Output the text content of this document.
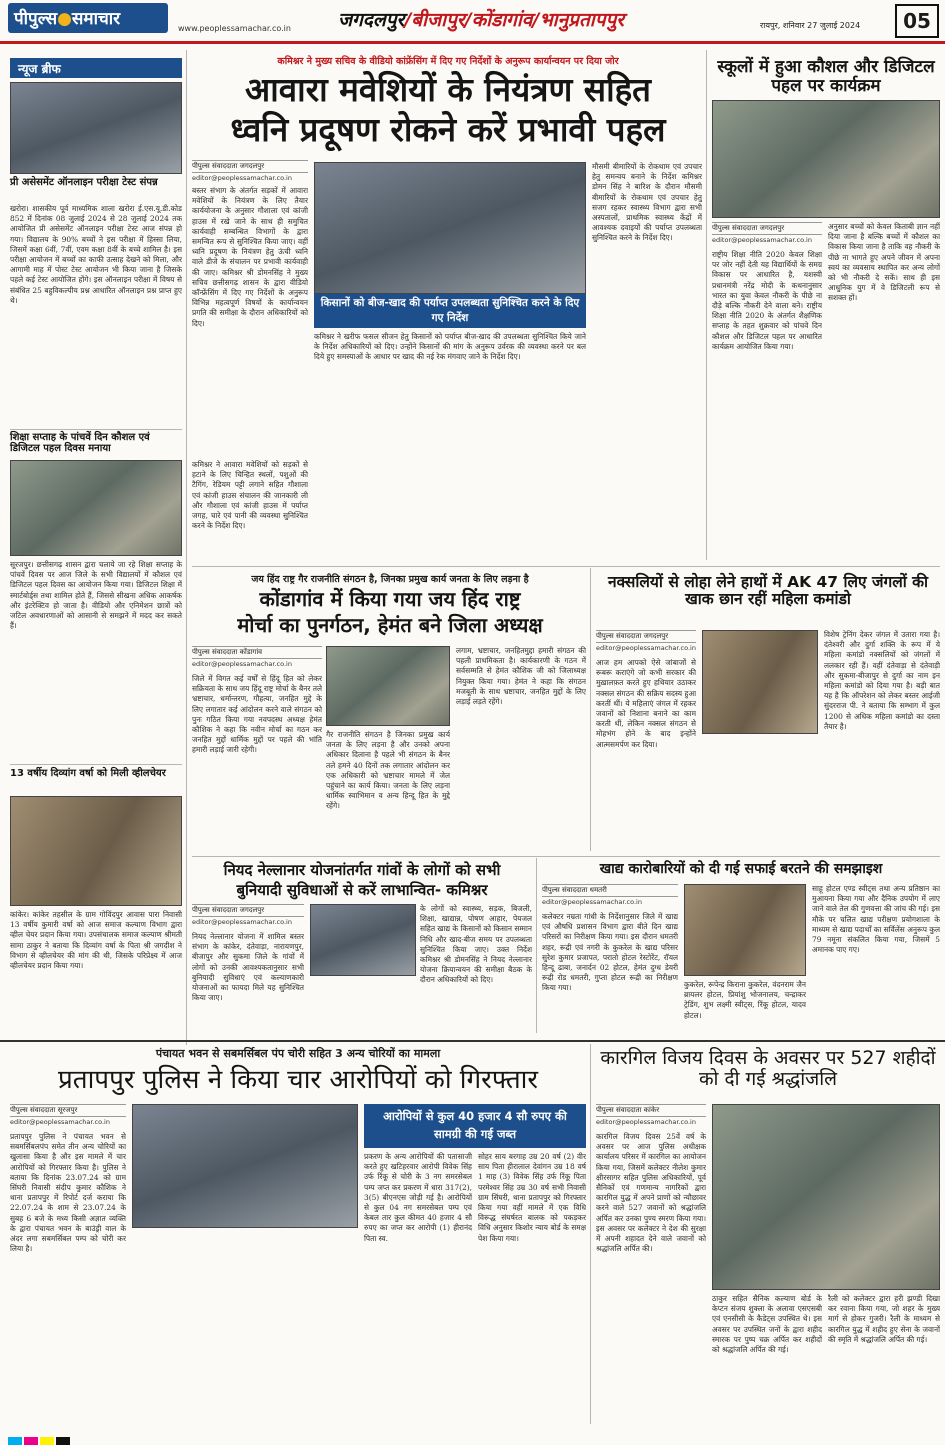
पीपुल्स●समाचार	www.peoplessamachar.co.in जगदलपुर/बीजापुर/कोंडागांव/भानुप्रतापपुर	रायपुर, शनिवार 27 जुलाई 2024	05
न्यूज ब्रीफ
प्री असेसमेंट ऑनलाइन परीक्षा टेस्ट संपन्न
खरोरा। शासकीय पूर्व माध्यमिक शाला खरोरा ई.एस.यू.डी.कोड 852 में दिनांक 08 जुलाई 2024 से 28 जुलाई 2024 तक आयोजित प्री असेसमेंट ऑनलाइन परीक्षा टेस्ट आज संपन्न हो गया। विद्यालय के 90% बच्चों ने इस परीक्षा में हिस्सा लिया, जिसमें कक्षा 6वीं, 7वीं, एवम कक्षा 8वीं के बच्चे शामिल है। इस परीक्षा आयोजन में बच्चों का काफी उत्साह देखने को मिला, और आगामी माह में पोस्ट टेस्ट आयोजन भी किया जाना है जिसके पहले कई टेस्ट आयोजित होंगे। इस ऑनलाइन परीक्षा में विषय से संबंधित 25 बहुविकल्पीय प्रश्न आधारित ऑनलाइन प्रश्न प्राप्त हुए थे।
शिक्षा सप्ताह के पांचवें दिन कौशल एवं डिजिटल पहल दिवस मनाया
सूरजपुर। छत्तीसगढ़ शासन द्वारा चलाये जा रहे शिक्षा सप्ताह के पांचवें दिवस पर आज जिले के सभी विद्यालयों में कौशल एवं डिजिटल पहल दिवस का आयोजन किया गया। डिजिटल शिक्षा में स्मार्टबोर्ड्स तथा शामिल होते हैं, जिससे सीखना अधिक आकर्षक और इंटरेक्टिव हो जाता है। वीडियो और एनिमेशन छात्रों को जटिल अवधारणाओं को आसानी से समझने में मदद कर सकते हैं।
13 वर्षीय दिव्यांग वर्षा को मिली व्हीलचेयर
कांकेर। कांकेर तहसील के ग्राम गोविंदपुर आवास पारा निवासी 13 वर्षीय कुमारी वर्षा को आज समाज कल्याण विभाग द्वारा व्हील चेयर प्रदान किया गया। उपसंचालक समाज कल्याण श्रीमती सामा ठाकुर ने बताया कि दिव्यांग वर्षा के पिता श्री जगदीश ने विभाग से व्हीलचेयर की मांग की थी, जिसके परिप्रेक्ष्य में आज व्हीलचेयर प्रदान किया गया।
कमिश्नर ने मुख्य सचिव के वीडियो कांफ्रेंसिंग में दिए गए निर्देशों के अनुरूप कार्यान्वयन पर दिया जोर
आवारा मवेशियों के नियंत्रण सहित
ध्वनि प्रदूषण रोकने करें प्रभावी पहल
पीपुल्स संवाददाता जगदलपुर
editor@peoplessamachar.co.in
बस्तर संभाग के अंतर्गत सड़कों में आवारा मवेशियों के नियंत्रण के लिए तैयार कार्ययोजना के अनुसार गौशाला एवं कांजी हाउस में रखे जाने के साथ ही समुचित कार्यवाही सम्बन्धित विभागों के द्वारा समन्वित रूप से सुनिश्चित किया जाए। वहीं ध्वनि प्रदूषण के नियंत्रण हेतु ऊंची ध्वनि वाले डीजे के संचालन पर प्रभावी कार्यवाही की जाए। कमिश्नर श्री डोमनसिंह ने मुख्य सचिव छत्तीसगढ़ शासन के द्वारा वीडियो कॉन्फ्रेंसिंग में दिए गए निर्देशों के अनुरूप विभिन्न महत्वपूर्ण विषयों के कार्यान्वयन प्रगति की समीक्षा के दौरान अधिकारियों को दिए।
कमिश्नर ने आवारा मवेशियों को सड़कों से हटाने के लिए चिन्हित स्थलों, पशुओं की टैगिंग, रेडियम पट्टी लगाने सहित गौशाला एवं कांजी हाउस संचालन की जानकारी ली और गौशाला एवं कांजी हाउस में पर्याप्त जगह, चारे एवं पानी की व्यवस्था सुनिश्चित करने के निर्देश दिए।
किसानों को बीज-खाद की पर्याप्त उपलब्धता सुनिश्चित करने के दिए गए निर्देश
कमिश्नर ने खरीफ फसल सीजन हेतु किसानों को पर्याप्त बीज-खाद की उपलब्धता सुनिश्चित किये जाने के निर्देश अधिकारियों को दिए। उन्होंने किसानों की मांग के अनुरूप उर्वरक की व्यवस्था करने पर बल दिये हुए समस्याओं के आधार पर खाद की नई रेक मंगवाए जाने के निर्देश दिए।
मौसमी बीमारियों के रोकथाम एवं उपचार हेतु समन्वय बनाने के निर्देश कमिश्नर डोमन सिंह ने बारिश के दौरान मौसमी बीमारियों के रोकथाम एवं उपचार हेतु सजग रहकर स्वास्थ्य विभाग द्वारा सभी अस्पतालों, प्राथमिक स्वास्थ्य केंद्रों में आवश्यक दवाइयों की पर्याप्त उपलब्धता सुनिश्चित करने के निर्देश दिए।
स्कूलों में हुआ कौशल और डिजिटल पहल पर कार्यक्रम
पीपुल्स संवाददाता जगदलपुर
editor@peoplessamachar.co.in
राष्ट्रीय शिक्षा नीति 2020 केवल शिक्षा पर जोर नहीं देती यह विद्यार्थियों के समग्र विकास पर आधारित है, यशस्वी प्रधानमंत्री नरेंद्र मोदी के कथनानुसार भारत का युवा केवल नौकरी के पीछे ना दौड़े बल्कि नौकरी देने वाला बने। राष्ट्रीय शिक्षा नीति 2020 के अंतर्गत शैक्षणिक सप्ताह के तहत शुक्रवार को पांचवे दिन कौशल और डिजिटल पहल पर आधारित कार्यक्रम आयोजित किया गया।
अनुसार बच्चों को केवल किताबी ज्ञान नहीं दिया जाना है बल्कि बच्चों में कौशल का विकास किया जाना है ताकि वह नौकरी के पीछे ना भागते हुए अपने जीवन में अपना स्वयं का व्यवसाय स्थापित कर अन्य लोगों को भी नौकरी दे सकें। साथ ही इस आधुनिक युग में वे डिजिटली रूप से सशक्त हों।
जय हिंद राष्ट्र गैर राजनीति संगठन है, जिनका प्रमुख कार्य जनता के लिए लड़ना है
कोंडागांव में किया गया जय हिंद राष्ट्र
मोर्चा का पुनर्गठन, हेमंत बने जिला अध्यक्ष
पीपुल्स संवाददाता कोंडागांव
editor@peoplessamachar.co.in
जिले में विगत कई वर्षों से हिंदू हित को लेकर सक्रियता के साथ जय हिंदू राष्ट्र मोर्चा के बैनर तले भ्रष्टाचार, धर्मान्तरण, गौहत्या, जनहित मुद्दे के लिए लगातार कई आंदोलन करने वाले संगठन को पुनः गठित किया गया नवपदस्थ अध्यक्ष हेमंत कौशिक ने कहा कि नवीन मोर्चा का गठन कर जनहित मुद्दों धार्मिक मुद्दों पर पहले की भांति हमारी लड़ाई जारी रहेगी।
गैर राजनीति संगठन है जिनका प्रमुख कार्य जनता के लिए लड़ना है और उनको अपना अधिकार दिलाना है पहले भी संगठन के बैनर तले हमने 40 दिनों तक लगातार आंदोलन कर एक अधिकारी को भ्रष्टाचार मामले में जेल पहुंचाने का कार्य किया। जनता के लिए लड़ना धार्मिक स्वाभिमान व अन्य हिन्दू हित के मुद्दे रहेंगे।
लगाम, भ्रष्टाचार, जनहितमुद्दा हमारी संगठन की पहली प्राथमिकता है। कार्यकारणी के गठन में सर्वसम्मति से हेमंत कौशिक जी को जिलाध्यक्ष नियुक्त किया गया। हेमंत ने कहा कि संगठन मजबूती के साथ भ्रष्टाचार, जनहित मुद्दों के लिए लड़ाई लड़ते रहेंगे।
नक्सलियों से लोहा लेने हाथों में AK 47 लिए जंगलों की खाक छान रहीं महिला कमांडो
पीपुल्स संवाददाता जगदलपुर
editor@peoplessamachar.co.in
आज हम आपको ऐसे जांबाजों से रूबरू कराएंगे जो कभी सरकार की मुख़ालफ़त करते हुए हथियार उठाकर नक्सल संगठन की सक्रिय सदस्य हुआ करतीं थीं। ये महिलाएं जंगल में रहकर जवानों को निशाना बनाने का काम करती थीं, लेकिन नक्सल संगठन से मोहभंग होने के बाद इन्होंने आत्मसमर्पण कर दिया।
विशेष ट्रेनिंग देकर जंगल में उतारा गया है। दंतेश्वरी और दुर्गा शक्ति के रूप में ये महिला कमांडो नक्सलियों को जंगलों में ललकार रही हैं। वहीं दंतेवाड़ा से दंतेवाड़ी और सुकमा-बीजापुर से दुर्गा का नाम इन महिला कमांडो को दिया गया है। बड़ी बात यह है कि ऑपरेशन को लेकर बस्तर आईजी सुंदरराज पी. ने बताया कि सम्भाग में कुल 1200 से अधिक महिला कमांडो का दस्ता तैयार है।
नियद नेल्लानार योजनांतर्गत गांवों के लोगों को सभी
बुनियादी सुविधाओं से करें लाभान्वित- कमिश्नर
पीपुल्स संवाददाता जगदलपुर
editor@peoplessamachar.co.in
नियद नेल्लानार योजना में शामिल बस्तर संभाग के कांकेर, दंतेवाड़ा, नारायणपुर, बीजापुर और सुकमा जिले के गांवों में लोगों को उनकी आवश्यकतानुसार सभी बुनियादी सुविधाएं एवं कल्याणकारी योजनाओं का फायदा मिले यह सुनिश्चित किया जाए।
के लोगों को स्वास्थ्य, सड़क, बिजली, शिक्षा, खाद्यान्न, पोषण आहार, पेयजल सहित खाद्य के किसानों को किसान सम्मान निधि और खाद-बीज समय पर उपलब्धता सुनिश्चित किया जाए। उक्त निर्देश कमिश्नर श्री डोमनसिंह ने नियद नेल्लानार योजना क्रियान्वयन की समीक्षा बैठक के दौरान अधिकारियों को दिए।
खाद्य कारोबारियों को दी गई सफाई बरतने की समझाइश
पीपुल्स संवाददाता धमतरी
editor@peoplessamachar.co.in
कलेक्टर नम्रता गांधी के निर्देशानुसार जिले में खाद्य एवं औषधि प्रशासन विभाग द्वारा बीते दिन खाद्य परिसरों का निरीक्षण किया गया। इस दौरान धमतरी शहर, रूद्री एवं नगरी के कुकरेल के खाद्य परिसर सुरेश कुमार प्रजापत, परातो होटल रेस्टोरेंट, रॉयल हिन्दू ढाबा, जनार्दन 02 होटल, हेमंत दुग्ध डेयरी रूद्री रोड धमतरी, गुप्ता होटल रूद्री का निरीक्षण किया गया।	कुकरेल, रूपेन्द्र किराना कुकरेल, वंदनराम जैन ब्रायलर होटल, प्रियांशु भोजनालय, चन्द्राकर ट्रेडिंग, शुभ लक्ष्मी स्वीट्स, रिंकू होटल, यादव होटल।
साहू होटल एण्ड स्वीट्स तथा अन्य प्रतिष्ठान का मुआयना किया गया और दैनिक उपयोग में लाए जाने वाले तेल की गुणवत्ता की जांच की गई। इस मौके पर चलित खाद्य परीक्षण प्रयोगशाला के माध्यम से खाद्य पदार्थों का सर्विलेंस अनुरूप कुल 79 नमूना संकलित किया गया, जिसमें 5 अमानक पाए गए।
पंचायत भवन से सबमर्सिबल पंप चोरी सहित 3 अन्य चोरियों का मामला
प्रतापपुर पुलिस ने किया चार आरोपियों को गिरफ्तार
पीपुल्स संवाददाता सूरजपुर
editor@peoplessamachar.co.in
प्रतापपुर पुलिस ने पंचायत भवन से सबमर्सिबलपंप समेत तीन अन्य चोरियों का खुलासा किया है और इस मामले में चार आरोपियों को गिरफ्तार किया है। पुलिस ने बताया कि दिनांक 23.07.24 को ग्राम सिंघरी निवासी संदीप कुमार कौशिक ने थाना प्रतापपुर में रिपोर्ट दर्ज कराया कि 22.07.24 के शाम से 23.07.24 के सुबह 6 बजे के मध्य किसी अज्ञात व्यक्ति के द्वारा पंचायत भवन के बाउंड्री वाल के अंदर लगा सबमर्सिबल पम्प को चोरी कर लिया है।
आरोपियों से कुल 40 हजार 4 सौ रुपए की सामग्री की गई जब्त
प्रकरण के अन्य आरोपियों की पतासाजी करते हुए खटिहरवार आरोपी विवेक सिंह उर्फ रिंकू से चोरी के 3 नग समरसेबल पम्प जप्त कर प्रकरण में धारा 317(2), 3(5) बीएनएस जोड़ी गई है। आरोपियों से कुल 04 नग समरसेबल पम्प एवं केबल तार कुल कीमत 40 हजार 4 सौ रुपए का जप्त कर आरोपी (1) हीरानंद पिता स्व.
सोहर साय बरगाह उम्र 20 वर्ष (2) वीर साय पिता हीरालाल देवांगन उम्र 18 वर्ष 1 माह (3) विवेक सिंह उर्फ रिंकू पिता परमेश्वर सिंह उम्र 30 वर्ष सभी निवासी ग्राम सिंघरी, थाना प्रतापपुर को गिरफ्तार किया गया वहीं मामले में एक विधि विरूद्ध संघर्षरत बालक को पकड़कर विधि अनुसार किशोर न्याय बोर्ड के समक्ष पेश किया गया।
कारगिल विजय दिवस के अवसर पर 527 शहीदों को दी गई श्रद्धांजलि
पीपुल्स संवाददाता कांकेर
editor@peoplessamachar.co.in
कारगिल विजय दिवस 25वें वर्ष के अवसर पर आज पुलिस अधीक्षक कार्यालय परिसर में कारगिल का आयोजन किया गया, जिसमें कलेक्टर नीलेश कुमार क्षीरसागर सहित पुलिस अधिकारियों, पूर्व सैनिकों एवं गणमान्य नागरिकों द्वारा कारगिल युद्ध में अपने प्राणों को न्यौछावर करने वाले 527 जवानों को श्रद्धांजलि अर्पित कर उनका पुण्य स्मरण किया गया। इस अवसर पर कलेक्टर ने देश की सुरक्षा में अपनी शहादत देने वाले जवानों को श्रद्धांजलि अर्पित की।
ठाकुर सहित सैनिक कल्याण बोर्ड के केप्टन संजय शुक्ला के अलावा एसएसबी एवं एनसीसी के कैडेट्स उपस्थित थे। इस अवसर पर उपस्थित जनों के द्वारा शहीद स्मारक पर पुष्प चक्र अर्पित कर शहीदों को श्रद्धांजलि अर्पित की गई।
रैली को कलेक्टर द्वारा हरी झण्डी दिखा कर रवाना किया गया, जो शहर के मुख्य मार्ग से होकर गुजरी। रैली के माध्यम से कारगिल युद्ध में शहीद हुए सेना के जवानों की स्मृति में श्रद्धांजलि अर्पित की गई।
